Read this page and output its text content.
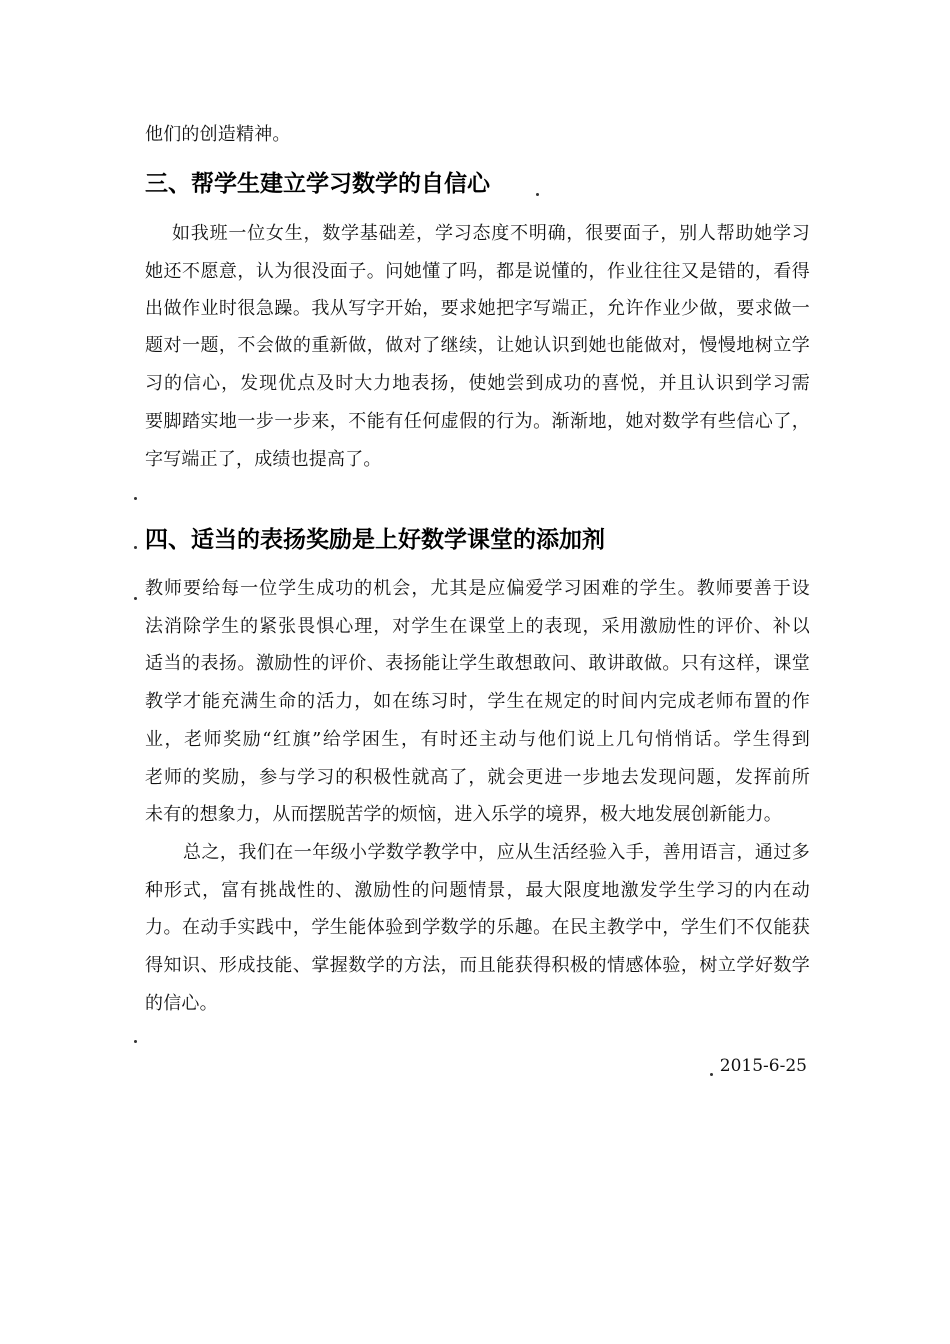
他们的创造精神。
三、帮学生建立学习数学的自信心
如我班一位女生，数学基础差，学习态度不明确，很要面子，别人帮助她学习
她还不愿意，认为很没面子。问她懂了吗，都是说懂的，作业往往又是错的，看得
出做作业时很急躁。我从写字开始，要求她把字写端正，允许作业少做，要求做一
题对一题，不会做的重新做，做对了继续，让她认识到她也能做对，慢慢地树立学
习的信心，发现优点及时大力地表扬，使她尝到成功的喜悦，并且认识到学习需
要脚踏实地一步一步来，不能有任何虚假的行为。渐渐地，她对数学有些信心了，
字写端正了，成绩也提高了。
四、适当的表扬奖励是上好数学课堂的添加剂
教师要给每一位学生成功的机会，尤其是应偏爱学习困难的学生。教师要善于设
法消除学生的紧张畏惧心理，对学生在课堂上的表现，采用激励性的评价、补以
适当的表扬。激励性的评价、表扬能让学生敢想敢问、敢讲敢做。只有这样，课堂
教学才能充满生命的活力，如在练习时，学生在规定的时间内完成老师布置的作
业，老师奖励“红旗”给学困生，有时还主动与他们说上几句悄悄话。学生得到
老师的奖励，参与学习的积极性就高了，就会更进一步地去发现问题，发挥前所
未有的想象力，从而摆脱苦学的烦恼，进入乐学的境界，极大地发展创新能力。
总之，我们在一年级小学数学教学中，应从生活经验入手，善用语言，通过多
种形式，富有挑战性的、激励性的问题情景，最大限度地激发学生学习的内在动
力。在动手实践中，学生能体验到学数学的乐趣。在民主教学中，学生们不仅能获
得知识、形成技能、掌握数学的方法，而且能获得积极的情感体验，树立学好数学
的信心。
2015-6-25
